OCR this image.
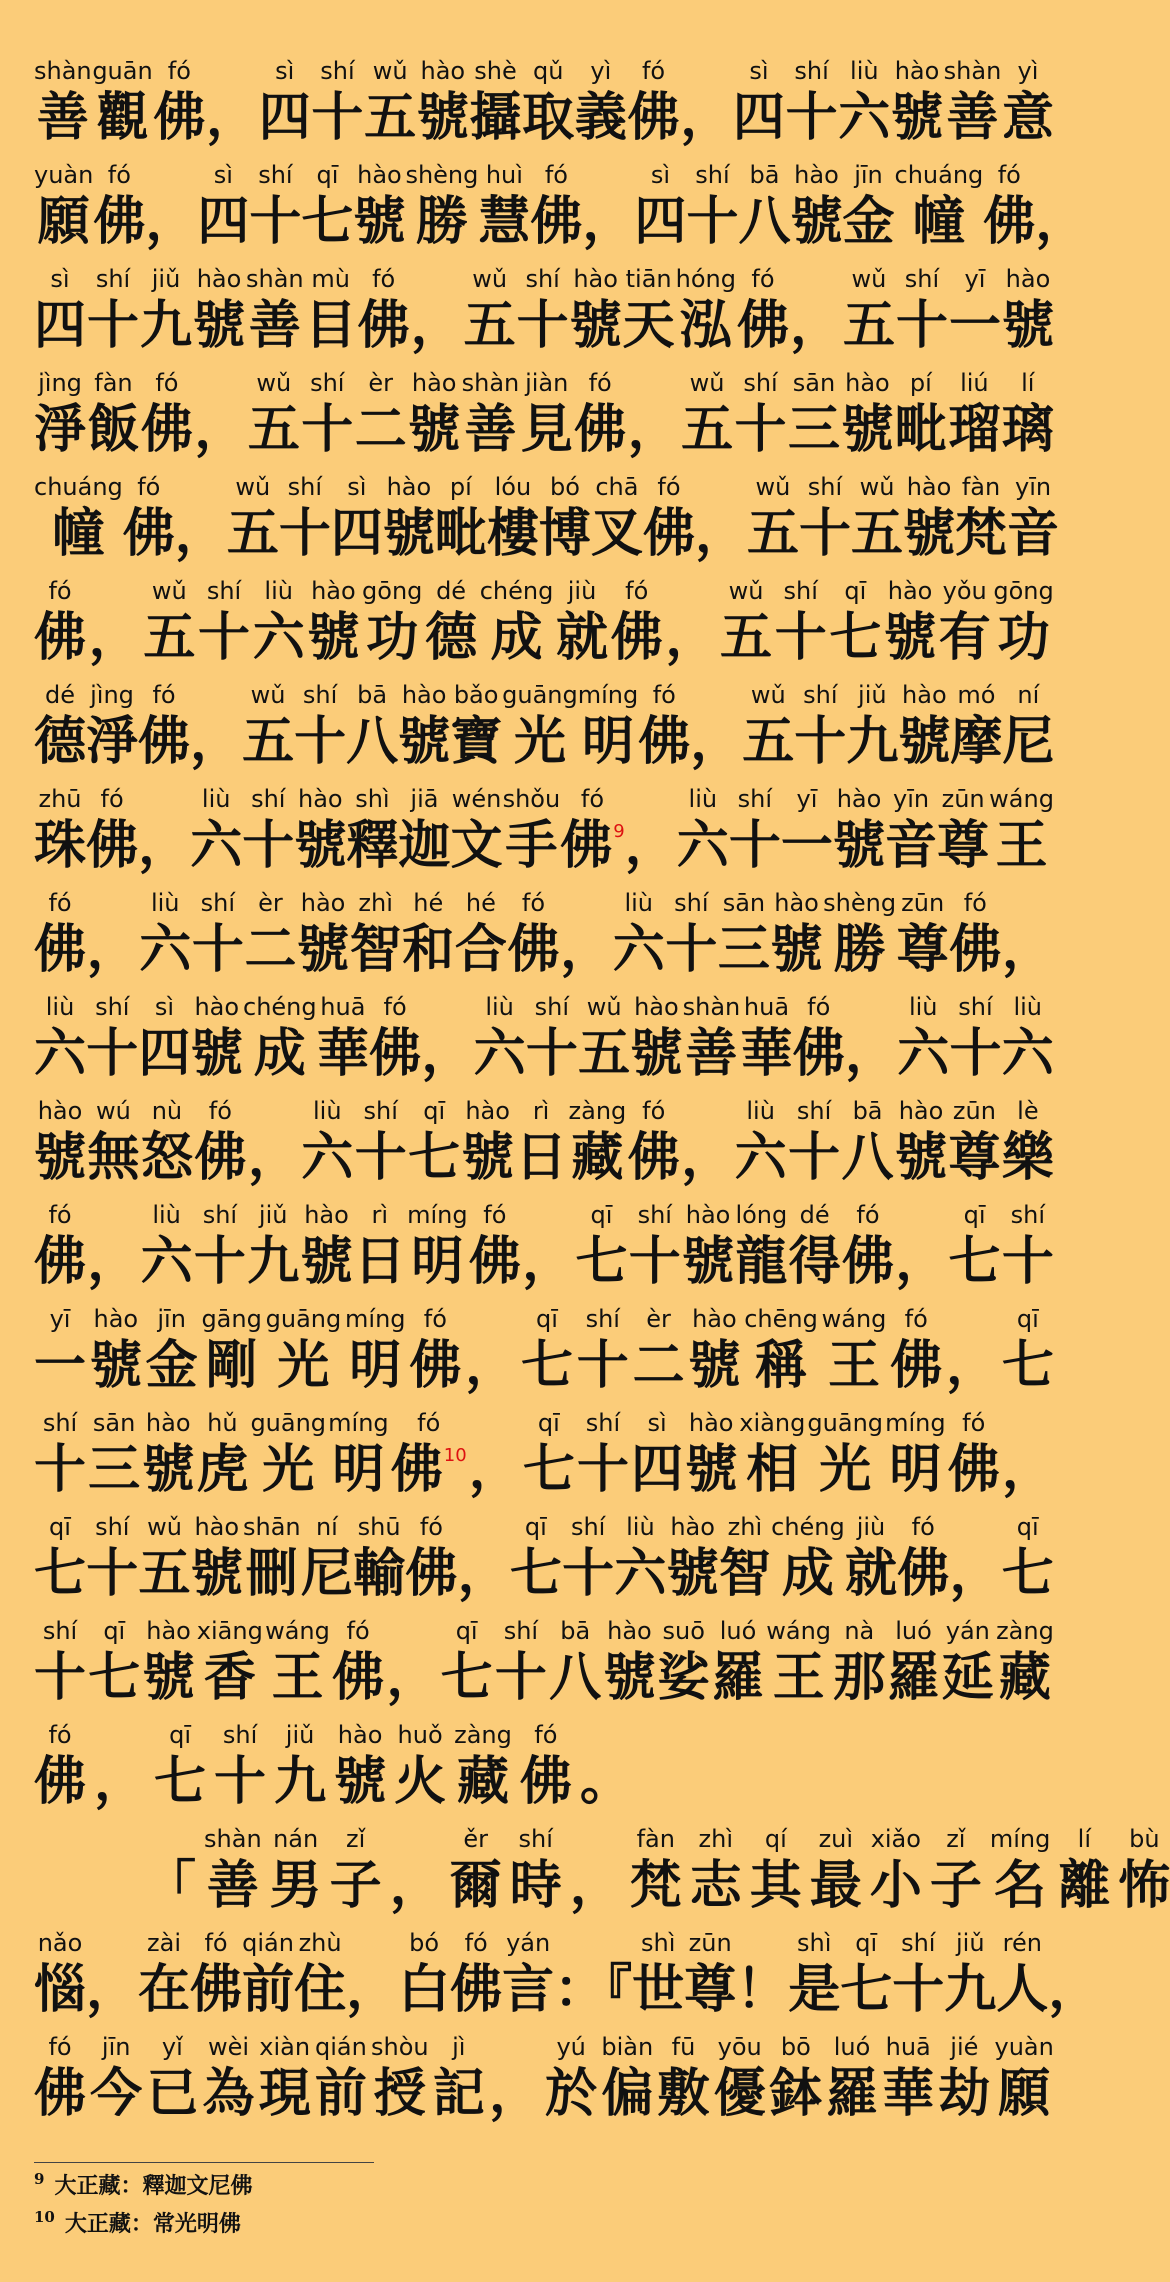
shàn
善
guān
觀
fó
佛 ，
sì
四
shí
十
wǔ
五
hào
號
shè
攝
qǔ
取
yì
義
fó
佛 ，
sì
四
shí
十
liù
六
hào
號
shàn
善
yì
意
yuàn
願
fó
佛 ，
sì
四
shí
十
qī
七
hào
號
shèng
勝
huì
慧
fó
佛 ，
sì
四
shí
十
bā
八
hào
號
jīn
金
chuáng
幢
fó
佛 ，
sì
四
shí
十
jiǔ
九
hào
號
shàn
善
mù
目
fó
佛 ，
wǔ
五
shí
十
hào
號
tiān
天
hóng
泓
fó
佛 ，
wǔ
五
shí
十
yī
一
hào
號
jìng
淨
fàn
飯
fó
佛 ，
wǔ
五
shí
十
èr
二
hào
號
shàn
善
jiàn
見
fó
佛 ，
wǔ
五
shí
十
sān
三
hào
號
pí
毗
liú
瑠
lí
璃
chuáng
幢
fó
佛 ，
wǔ
五
shí
十
sì
四
hào
號
pí
毗
lóu
樓
bó
博
chā
叉
fó
佛 ，
wǔ
五
shí
十
wǔ
五
hào
號
fàn
梵
yīn
音
fó
佛 ，
wǔ
五
shí
十
liù
六
hào
號
gōng
功
dé
德
chéng
成
jiù
就
fó
佛 ，
wǔ
五
shí
十
qī
七
hào
號
yǒu
有
gōng
功
dé
德
jìng
淨
fó
佛 ，
wǔ
五
shí
十
bā
八
hào
號
bǎo
寶
guāng
光
míng
明
fó
佛 ，
wǔ
五
shí
十
jiǔ
九
hào
號
mó
摩
ní
尼
zhū
珠
fó
佛 ，
liù
六
shí
十
hào
號
shì
釋
jiā
迦
wén
文
shǒu
手
fó
佛$^9$ ，
liù
六
shí
十
yī
一
hào
號
yīn
音
zūn
尊
wáng
王
fó
佛 ，
liù
六
shí
十
èr
二
hào
號
zhì
智
hé
和
hé
合
fó
佛 ，
liù
六
shí
十
sān
三
hào
號
shèng
勝
zūn
尊
fó
佛 ，
liù
六
shí
十
sì
四
hào
號
chéng
成
huā
華
fó
佛 ，
liù
六
shí
十
wǔ
五
hào
號
shàn
善
huā
華
fó
佛 ，
liù
六
shí
十
liù
六
hào
號
wú
無
nù
怒
fó
佛 ，
liù
六
shí
十
qī
七
hào
號
rì
日
zàng
藏
fó
佛 ，
liù
六
shí
十
bā
八
hào
號
zūn
尊
lè
樂
fó
佛 ，
liù
六
shí
十
jiǔ
九
hào
號
rì
日
míng
明
fó
佛 ，
qī
七
shí
十
hào
號
lóng
龍
dé
得
fó
佛 ，
qī
七
shí
十
yī
一
hào
號
jīn
金
gāng
剛
guāng
光
míng
明
fó
佛 ，
qī
七
shí
十
èr
二
hào
號
chēng
稱
wáng
王
fó
佛 ，
qī
七
shí
十
sān
三
hào
號
hǔ
虎
guāng
光
míng
明
fó
佛$^{10}$ ，
qī
七
shí
十
sì
四
hào
號
xiàng
相
guāng
光
míng
明
fó
佛 ，
qī
七
shí
十
wǔ
五
hào
號
shān
刪
ní
尼
shū
輸
fó
佛 ，
qī
七
shí
十
liù
六
hào
號
zhì
智
chéng
成
jiù
就
fó
佛 ，
qī
七
shí
十
qī
七
hào
號
xiāng
香
wáng
王
fó
佛 ，
qī
七
shí
十
bā
八
hào
號
suō
娑
luó
羅
wáng
王
nà
那
luó
羅
yán
延
zàng
藏
fó
佛 ，
qī
七
shí
十
jiǔ
九
hào
號
huǒ
火
zàng
藏
fó
佛 。
「
shàn
善
nán
男
zǐ
子 ，
ěr
爾
shí
時 ，
fàn
梵
zhì
志
qí
其
zuì
最
xiǎo
小
zǐ
子
míng
名
lí
離
bù
怖
nǎo
惱 ，
zài
在
fó
佛
qián
前
zhù
住 ，
bó
白
fó
佛
yán
言 ：『
shì
世
zūn
尊 ！
shì
是
qī
七
shí
十
jiǔ
九
rén
人 ，
fó
佛
jīn
今
yǐ
已
wèi
為
xiàn
現
qián
前
shòu
授
jì
記 ，
yú
於
biàn
偏
fū
敷
yōu
優
bō
鉢
luó
羅
huā
華
jié
劫
yuàn
願
$^9$ 大正藏：釋迦文尼佛
$^{10}$ 大正藏：常光明佛
